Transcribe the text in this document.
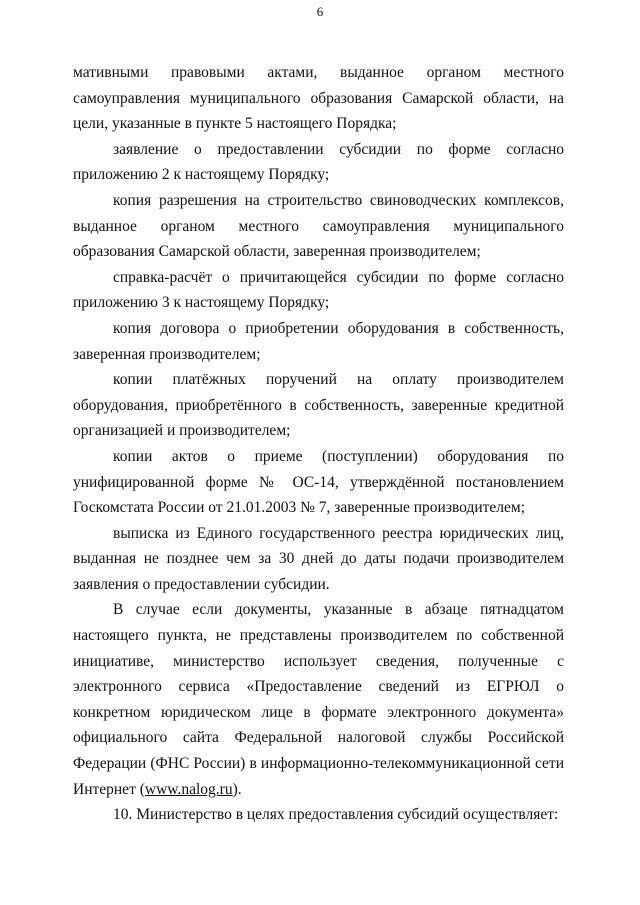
6

мативными правовыми актами, выданное органом местного самоуправления муниципального образования Самарской области, на цели, указанные в пункте 5 настоящего Порядка;

заявление о предоставлении субсидии по форме согласно приложению 2 к настоящему Порядку;

копия разрешения на строительство свиноводческих комплексов, выданное органом местного самоуправления муниципального образования Самарской области, заверенная производителем;

справка-расчёт о причитающейся субсидии по форме согласно приложению 3 к настоящему Порядку;

копия договора о приобретении оборудования в собственность, заверенная производителем;

копии платёжных поручений на оплату производителем оборудования, приобретённого в собственность, заверенные кредитной организацией и производителем;

копии актов о приеме (поступлении) оборудования по унифицированной форме № ОС-14, утверждённой постановлением Госкомстата России от 21.01.2003 № 7, заверенные производителем;

выписка из Единого государственного реестра юридических лиц, выданная не позднее чем за 30 дней до даты подачи производителем заявления о предоставлении субсидии.

В случае если документы, указанные в абзаце пятнадцатом настоящего пункта, не представлены производителем по собственной инициативе, министерство использует сведения, полученные с электронного сервиса «Предоставление сведений из ЕГРЮЛ о конкретном юридическом лице в формате электронного документа» официального сайта Федеральной налоговой службы Российской Федерации (ФНС России) в информационно-телекоммуникационной сети Интернет (www.nalog.ru).

10. Министерство в целях предоставления субсидий осуществляет:
